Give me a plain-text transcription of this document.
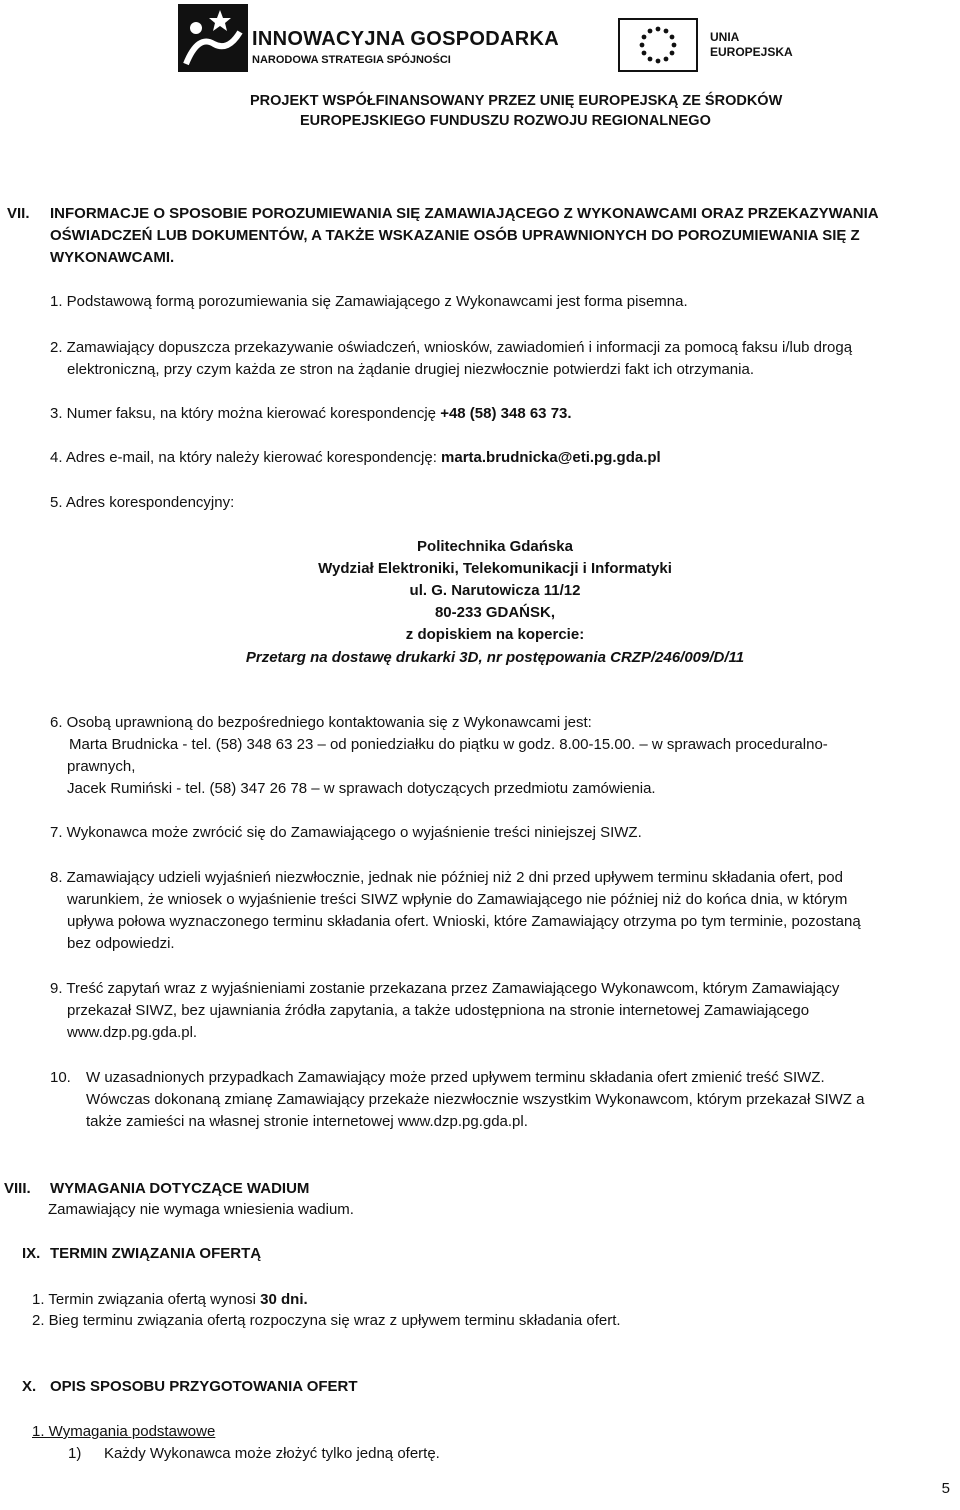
INNOWACYJNA GOSPODARKA
NARODOWA STRATEGIA SPÓJNOŚCI
UNIA
EUROPEJSKA
PROJEKT WSPÓŁFINANSOWANY PRZEZ UNIĘ EUROPEJSKĄ ZE ŚRODKÓW
EUROPEJSKIEGO FUNDUSZU ROZWOJU REGIONALNEGO
VII. INFORMACJE O SPOSOBIE POROZUMIEWANIA SIĘ ZAMAWIAJĄCEGO Z WYKONAWCAMI ORAZ PRZEKAZYWANIA
OŚWIADCZEŃ LUB DOKUMENTÓW, A TAKŻE WSKAZANIE OSÓB UPRAWNIONYCH DO POROZUMIEWANIA SIĘ Z
WYKONAWCAMI.
1. Podstawową formą porozumiewania się Zamawiającego z Wykonawcami jest forma pisemna.
2. Zamawiający dopuszcza przekazywanie oświadczeń, wniosków, zawiadomień i informacji za pomocą faksu i/lub drogą
elektroniczną, przy czym każda ze stron na żądanie drugiej niezwłocznie potwierdzi fakt ich otrzymania.
3. Numer faksu, na który można kierować korespondencję +48 (58) 348 63 73.
4. Adres e-mail, na który należy kierować korespondencję: marta.brudnicka@eti.pg.gda.pl
5. Adres korespondencyjny:
Politechnika Gdańska
Wydział Elektroniki, Telekomunikacji i Informatyki
ul. G. Narutowicza 11/12
80-233 GDAŃSK,
z dopiskiem na kopercie:
Przetarg na dostawę drukarki 3D, nr postępowania CRZP/246/009/D/11
6. Osobą uprawnioną do bezpośredniego kontaktowania się z Wykonawcami jest:
Marta Brudnicka - tel. (58) 348 63 23 – od poniedziałku do piątku w godz. 8.00-15.00. – w sprawach proceduralno-
prawnych,
Jacek Rumiński - tel. (58) 347 26 78 – w sprawach dotyczących przedmiotu zamówienia.
7. Wykonawca może zwrócić się do Zamawiającego o wyjaśnienie treści niniejszej SIWZ.
8. Zamawiający udzieli wyjaśnień niezwłocznie, jednak nie później niż 2 dni przed upływem terminu składania ofert, pod
warunkiem, że wniosek o wyjaśnienie treści SIWZ wpłynie do Zamawiającego nie później niż do końca dnia, w którym
upływa połowa wyznaczonego terminu składania ofert. Wnioski, które Zamawiający otrzyma po tym terminie, pozostaną
bez odpowiedzi.
9. Treść zapytań wraz z wyjaśnieniami zostanie przekazana przez Zamawiającego Wykonawcom, którym Zamawiający
przekazał SIWZ, bez ujawniania źródła zapytania, a także udostępniona na stronie internetowej Zamawiającego
www.dzp.pg.gda.pl.
10. W uzasadnionych przypadkach Zamawiający może przed upływem terminu składania ofert zmienić treść SIWZ.
Wówczas dokonaną zmianę Zamawiający przekaże niezwłocznie wszystkim Wykonawcom, którym przekazał SIWZ a
także zamieści na własnej stronie internetowej www.dzp.pg.gda.pl.
VIII. WYMAGANIA DOTYCZĄCE WADIUM
Zamawiający nie wymaga wniesienia wadium.
IX. TERMIN ZWIĄZANIA OFERTĄ
1. Termin związania ofertą wynosi 30 dni.
2. Bieg terminu związania ofertą rozpoczyna się wraz z upływem terminu składania ofert.
X. OPIS SPOSOBU PRZYGOTOWANIA OFERT
1. Wymagania podstawowe
1) Każdy Wykonawca może złożyć tylko jedną ofertę.
5
